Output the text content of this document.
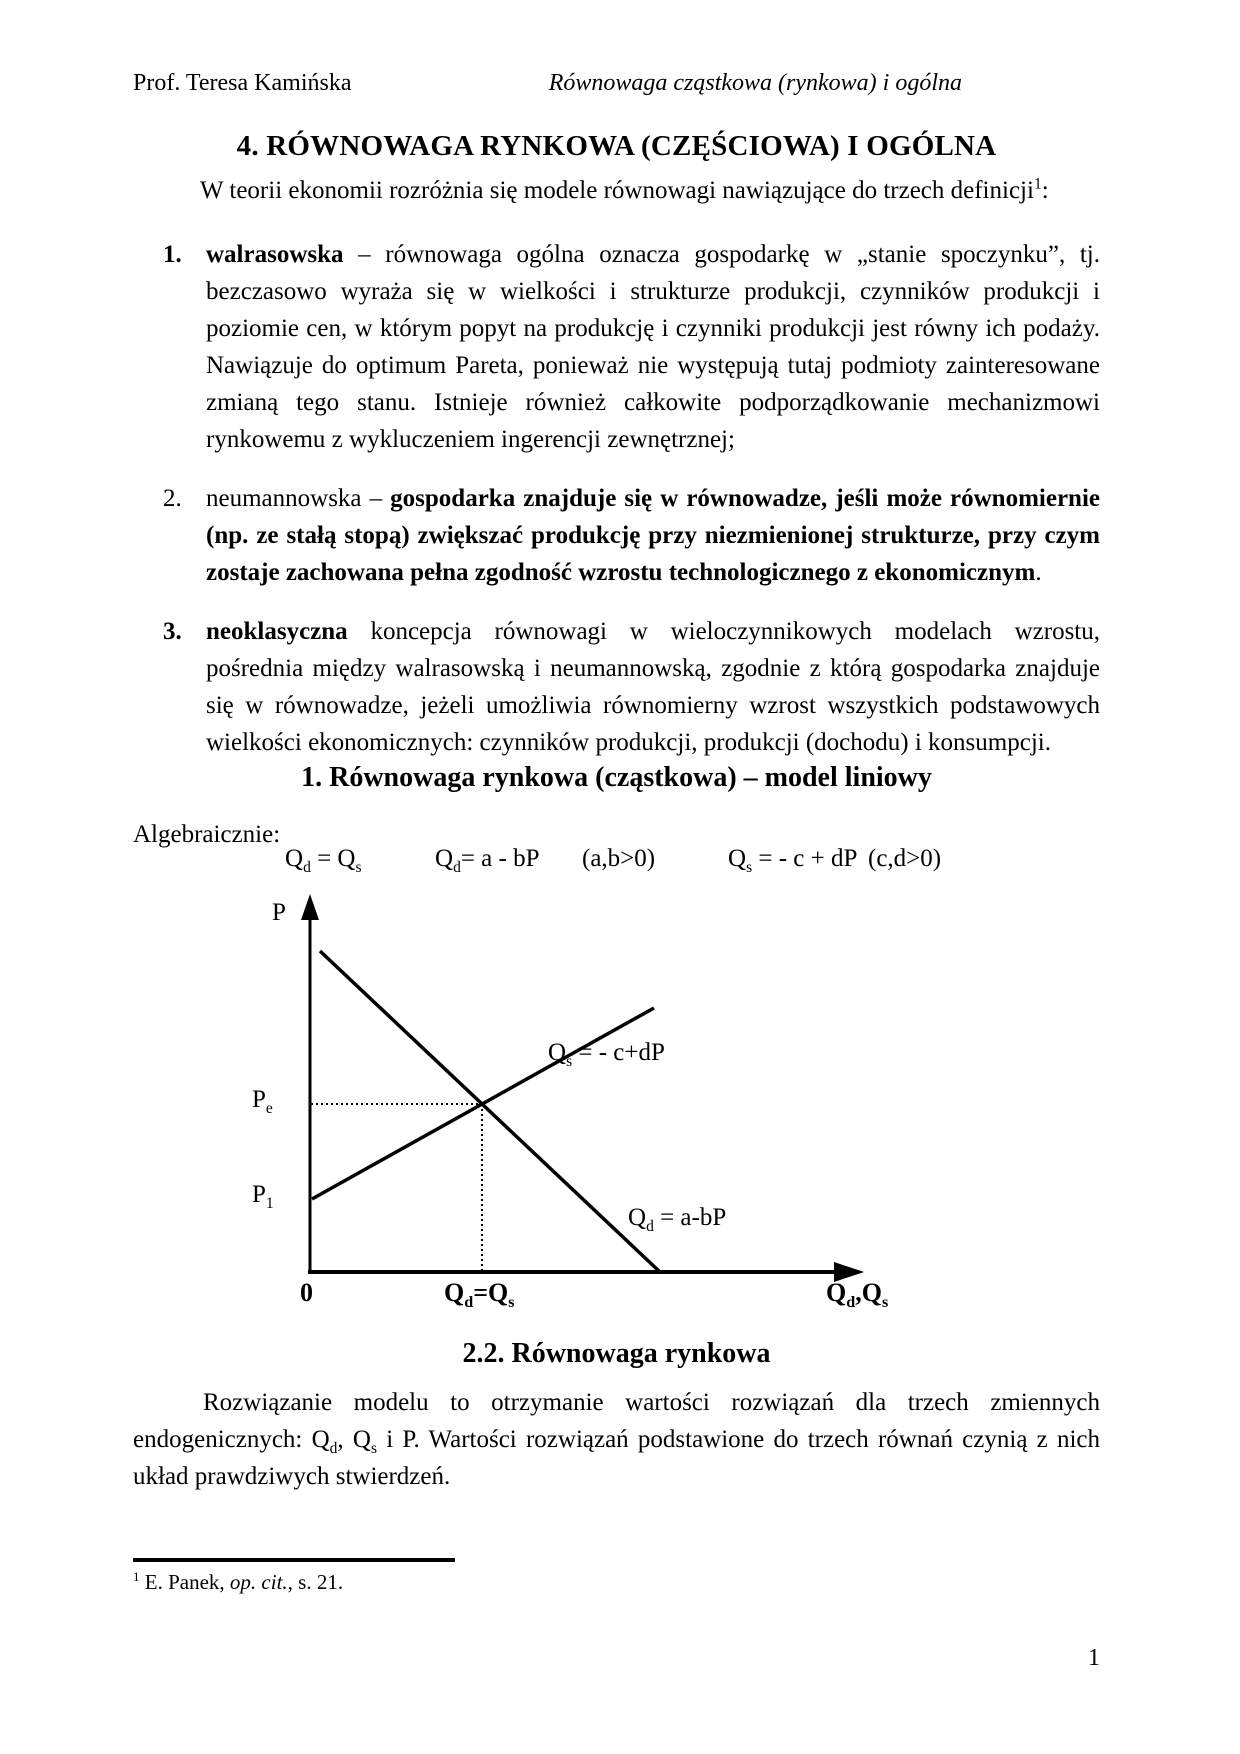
Prof. Teresa Kamińska	Równowaga cząstkowa (rynkowa) i ogólna
4. RÓWNOWAGA RYNKOWA (CZĘŚCIOWA) I OGÓLNA

W teorii ekonomii rozróżnia się modele równowagi nawiązujące do trzech definicji$^1$:

1. walrasowska – równowaga ogólna oznacza gospodarkę w „stanie spoczynku”, tj. bezczasowo wyraża się w wielkości i strukturze produkcji, czynników produkcji i poziomie cen, w którym popyt na produkcję i czynniki produkcji jest równy ich podaży. Nawiązuje do optimum Pareta, ponieważ nie występują tutaj podmioty zainteresowane zmianą tego stanu. Istnieje również całkowite podporządkowanie mechanizmowi rynkowemu z wykluczeniem ingerencji zewnętrznej;
2. neumannowska – gospodarka znajduje się w równowadze, jeśli może równomiernie (np. ze stałą stopą) zwiększać produkcję przy niezmienionej strukturze, przy czym zostaje zachowana pełna zgodność wzrostu technologicznego z ekonomicznym.
3. neoklasyczna koncepcja równowagi w wieloczynnikowych modelach wzrostu, pośrednia między walrasowską i neumannowską, zgodnie z którą gospodarka znajduje się w równowadze, jeżeli umożliwia równomierny wzrost wszystkich podstawowych wielkości ekonomicznych: czynników produkcji, produkcji (dochodu) i konsumpcji.
1. Równowaga rynkowa (cząstkowa) – model liniowy
Algebraicznie:
$Q_d = Q_s$	$Q_d= a$ - bP (a,b>0)	$Q_s$ = - c + dP (c,d>0)
P
$P_e$
$P_1$
$Q_s$ = - c+dP
$Q_d = a-bP$
0	$Q_d=Q_s$	$Q_d,Q_s$
2.2. Równowaga rynkowa

Rozwiązanie modelu to otrzymanie wartości rozwiązań dla trzech zmiennych endogenicznych: $Q_d$, $Q_s$ i P. Wartości rozwiązań podstawione do trzech równań czynią z nich układ prawdziwych stwierdzeń.

$^1$ E. Panek, op. cit., s. 21.
1
